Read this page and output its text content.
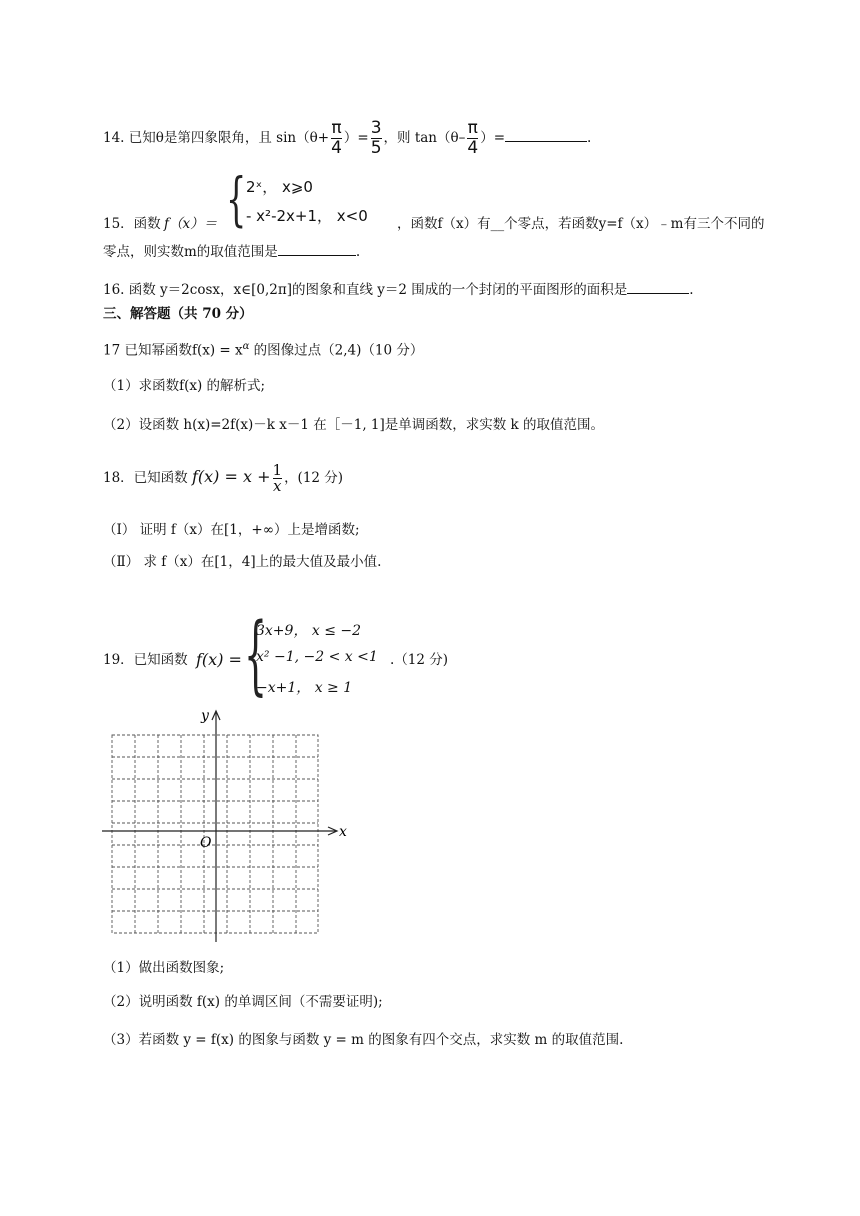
14. 已知θ是第四象限角，且 $\sin(\theta+ \frac{\pi}{4}$ ）= $\frac{3}{5}$ ，则 $\tan(\theta- \frac{\pi}{4}$ ）=	.
15．函数 f（x）＝ { 2ˣ， x⩾0
- x²-2x+1， x<0 ，函数f（x）有__个零点，若函数y=f（x）﹣m有三个不同的
零点，则实数m的取值范围是	.
16. 函数 y＝2cosx，x∈[0,2π]的图象和直线 y＝2 围成的一个封闭的平面图形的面积是	.
三、解答题（共 70 分）
17 已知幂函数$f(x) = x^\alpha$ 的图像过点（2,4)（10 分）
（1）求函数f(x) 的解析式;
（2）设函数 h(x)=2f(x)－k x－1 在［－1, 1]是单调函数，求实数 k 的取值范围。
18．已知函数 $f(x) = x + \frac{1}{x}$ ，(12 分)
（Ⅰ） 证明 f（x）在[1，+∞）上是增函数;
（Ⅱ） 求 f（x）在[1，4]上的最大值及最小值.
19．已知函数 f(x) = {
3x+9， x ≤ −2
x² −1, −2 < x <1
−x+1， x ≥ 1
.（12 分)
x
y
O
（1）做出函数图象;
（2）说明函数 f(x) 的单调区间（不需要证明);
（3）若函数 y = f(x) 的图象与函数 y = m 的图象有四个交点，求实数 m 的取值范围.
